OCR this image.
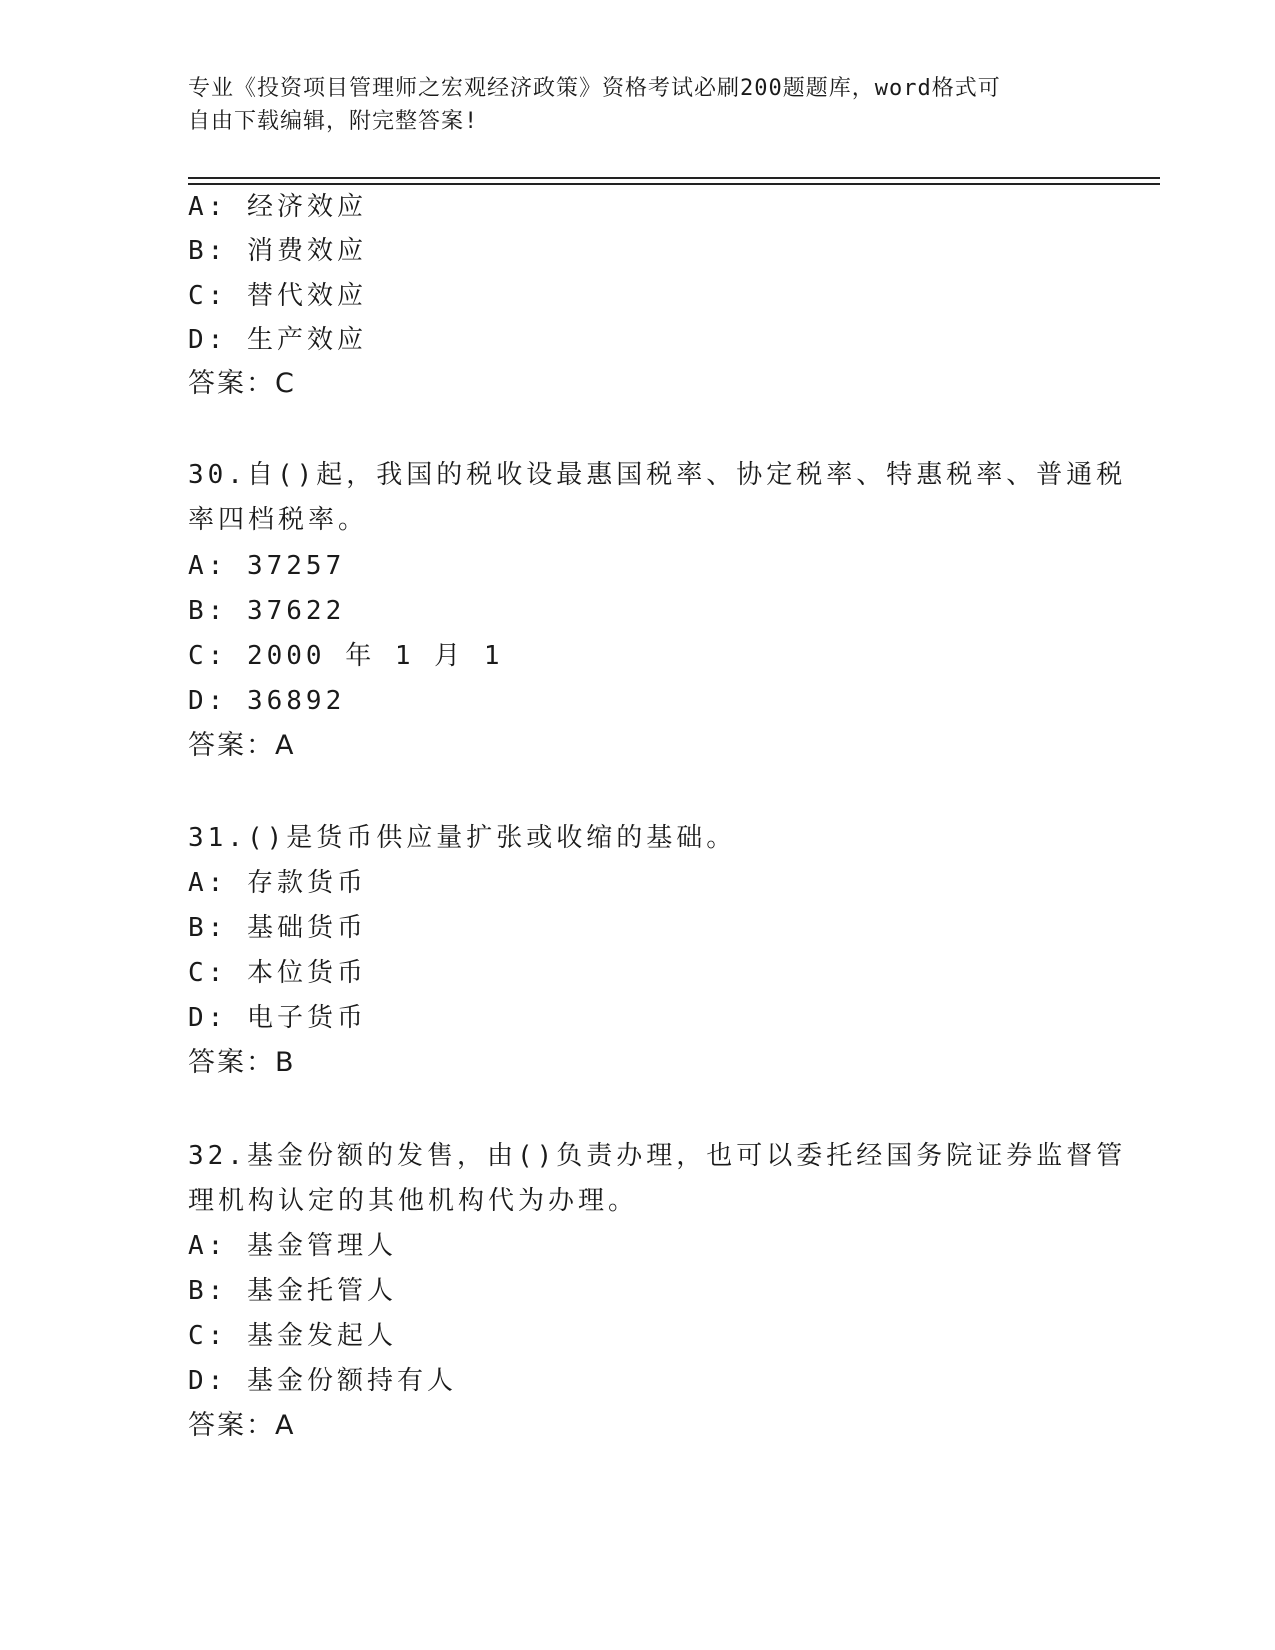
专业《投资项目管理师之宏观经济政策》资格考试必刷200题题库，word格式可
自由下载编辑，附完整答案!
A: 经济效应
B: 消费效应
C: 替代效应
D: 生产效应
答案：C
30.自()起，我国的税收设最惠国税率、协定税率、特惠税率、普通税
率四档税率。
A: 37257
B: 37622
C: 2000 年 1 月 1
D: 36892
答案：A
31.()是货币供应量扩张或收缩的基础。
A: 存款货币
B: 基础货币
C: 本位货币
D: 电子货币
答案：B
32.基金份额的发售，由()负责办理，也可以委托经国务院证券监督管
理机构认定的其他机构代为办理。
A: 基金管理人
B: 基金托管人
C: 基金发起人
D: 基金份额持有人
答案：A
